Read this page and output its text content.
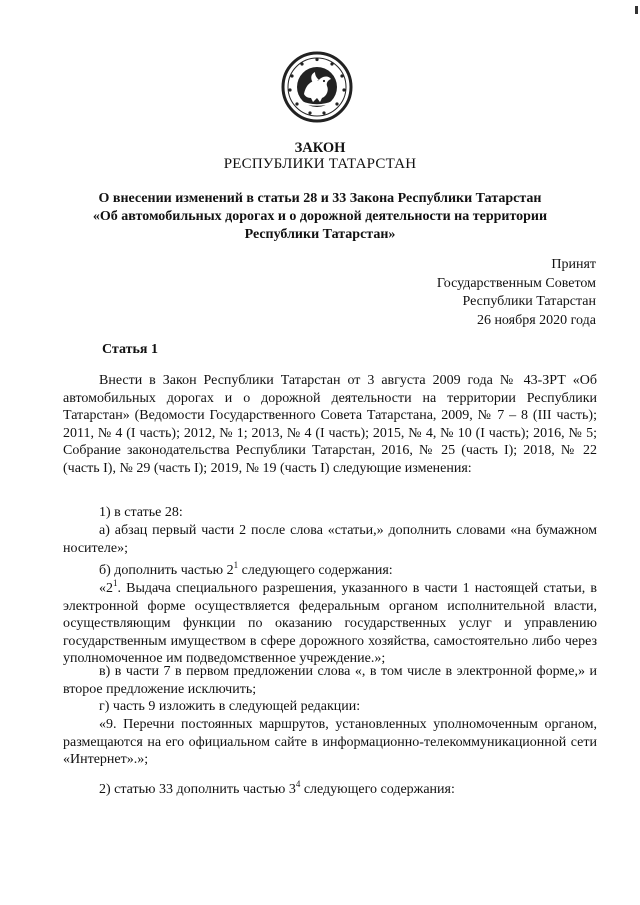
ЗАКОН
РЕСПУБЛИКИ ТАТАРСТАН
О внесении изменений в статьи 28 и 33 Закона Республики Татарстан
«Об автомобильных дорогах и о дорожной деятельности на территории
Республики Татарстан»
Принят
Государственным Советом
Республики Татарстан
26 ноября 2020 года
Статья 1

Внести в Закон Республики Татарстан от 3 августа 2009 года № 43-ЗРТ «Об автомобильных дорогах и о дорожной деятельности на территории Республики Татарстан» (Ведомости Государственного Совета Татарстана, 2009, № 7 – 8 (III часть); 2011, № 4 (I часть); 2012, № 1; 2013, № 4 (I часть); 2015, № 4, № 10 (I часть); 2016, № 5; Собрание законодательства Республики Татарстан, 2016, № 25 (часть I); 2018, № 22 (часть I), № 29 (часть I); 2019, № 19 (часть I) следующие изменения:

1) в статье 28:

а) абзац первый части 2 после слова «статьи,» дополнить словами «на бумажном носителе»;

б) дополнить частью $2^1$ следующего содержания:

«$2^1$. Выдача специального разрешения, указанного в части 1 настоящей статьи, в электронной форме осуществляется федеральным органом исполнительной власти, осуществляющим функции по оказанию государственных услуг и управлению государственным имуществом в сфере дорожного хозяйства, самостоятельно либо через уполномоченное им подведомственное учреждение.»;

в) в части 7 в первом предложении слова «, в том числе в электронной форме,» и второе предложение исключить;

г) часть 9 изложить в следующей редакции:

«9. Перечни постоянных маршрутов, установленных уполномоченным органом, размещаются на его официальном сайте в информационно-телекоммуникационной сети «Интернет».»;

2) статью 33 дополнить частью $3^4$ следующего содержания:
